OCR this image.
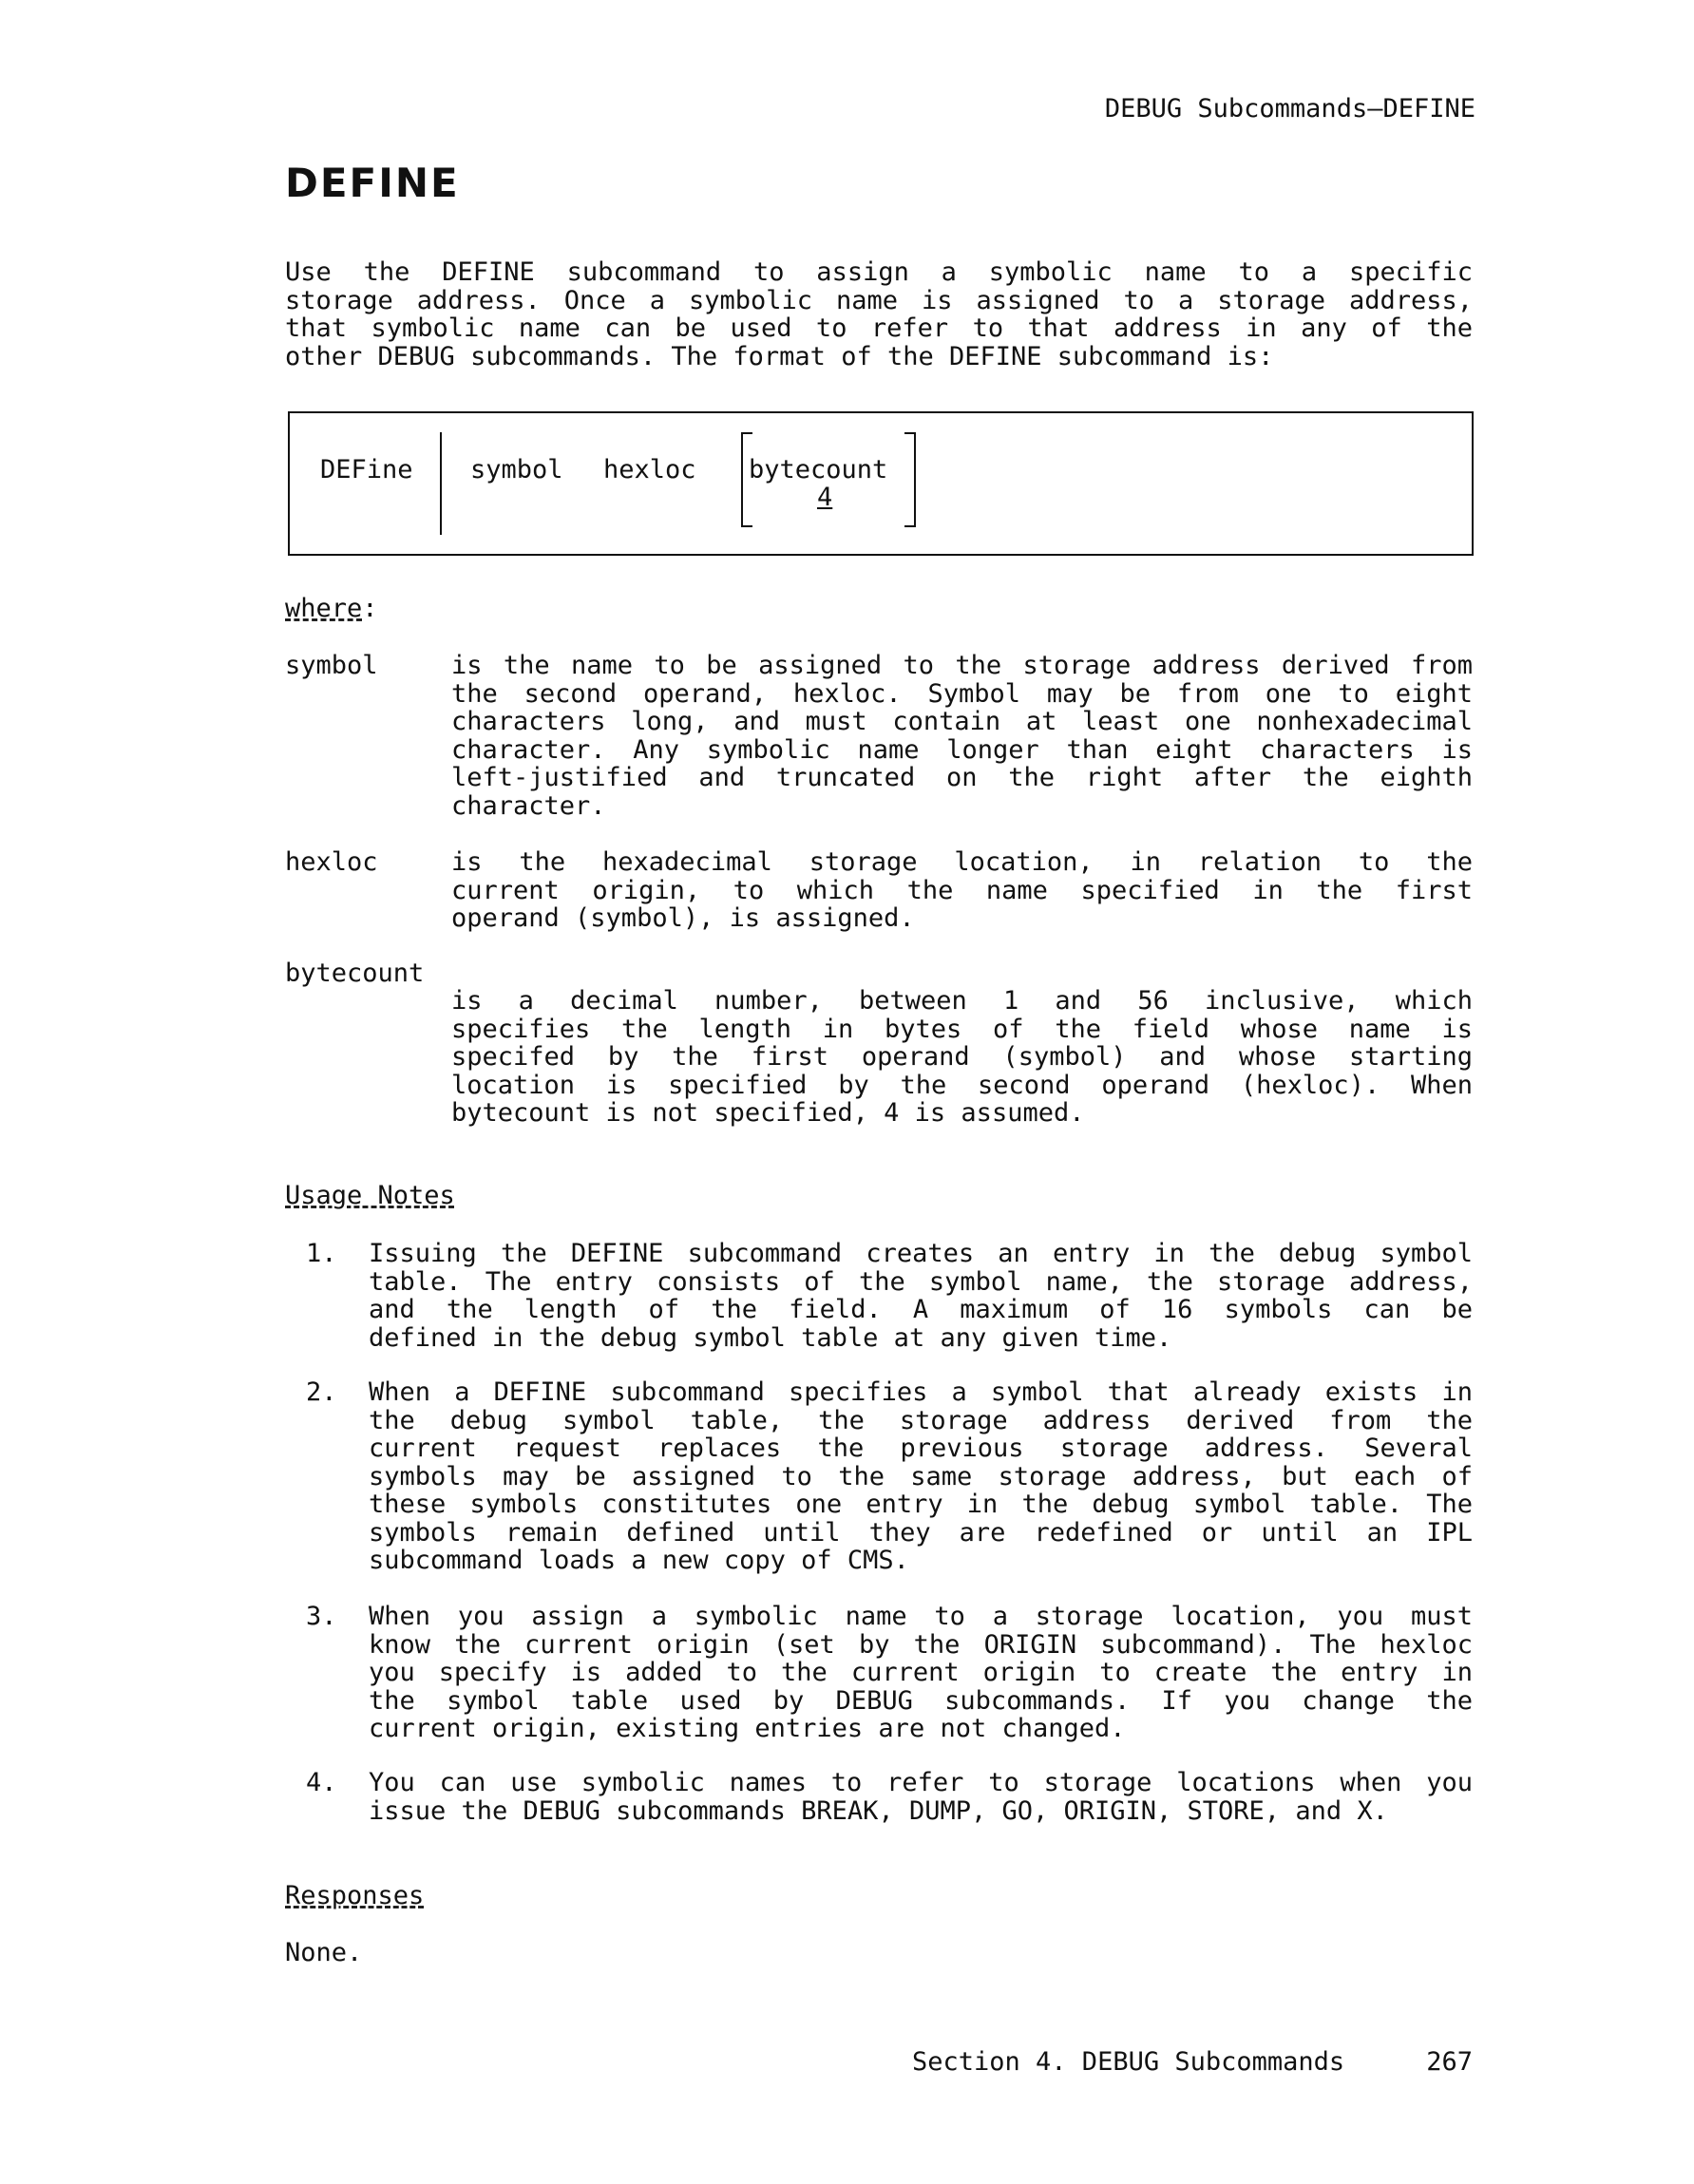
DEBUG Subcommands—DEFINE
DEFINE
Use the DEFINE subcommand to assign a symbolic name to a specific
storage address. Once a symbolic name is assigned to a storage address,
that symbolic name can be used to refer to that address in any of the
other DEBUG subcommands. The format of the DEFINE subcommand is:
DEFine symbol hexloc bytecount
4
where:
symbol	is the name to be assigned to the storage address derived from
the second operand, hexloc. Symbol may be from one to eight
characters long, and must contain at least one nonhexadecimal
character. Any symbolic name longer than eight characters is
left-justified and truncated on the right after the eighth
character.
hexloc	is the hexadecimal storage location, in relation to the
current origin, to which the name specified in the first
operand (symbol), is assigned.
bytecount
is a decimal number, between 1 and 56 inclusive, which
specifies the length in bytes of the field whose name is
specifed by the first operand (symbol) and whose starting
location is specified by the second operand (hexloc). When
bytecount is not specified, 4 is assumed.
Usage Notes
1. Issuing the DEFINE subcommand creates an entry in the debug symbol
table. The entry consists of the symbol name, the storage address,
and the length of the field. A maximum of 16 symbols can be
defined in the debug symbol table at any given time.
2. When a DEFINE subcommand specifies a symbol that already exists in
the debug symbol table, the storage address derived from the
current request replaces the previous storage address. Several
symbols may be assigned to the same storage address, but each of
these symbols constitutes one entry in the debug symbol table. The
symbols remain defined until they are redefined or until an IPL
subcommand loads a new copy of CMS.
3. When you assign a symbolic name to a storage location, you must
know the current origin (set by the ORIGIN subcommand). The hexloc
you specify is added to the current origin to create the entry in
the symbol table used by DEBUG subcommands. If you change the
current origin, existing entries are not changed.
4. You can use symbolic names to refer to storage locations when you
issue the DEBUG subcommands BREAK, DUMP, GO, ORIGIN, STORE, and X.
Responses
None.
Section 4. DEBUG Subcommands	267
